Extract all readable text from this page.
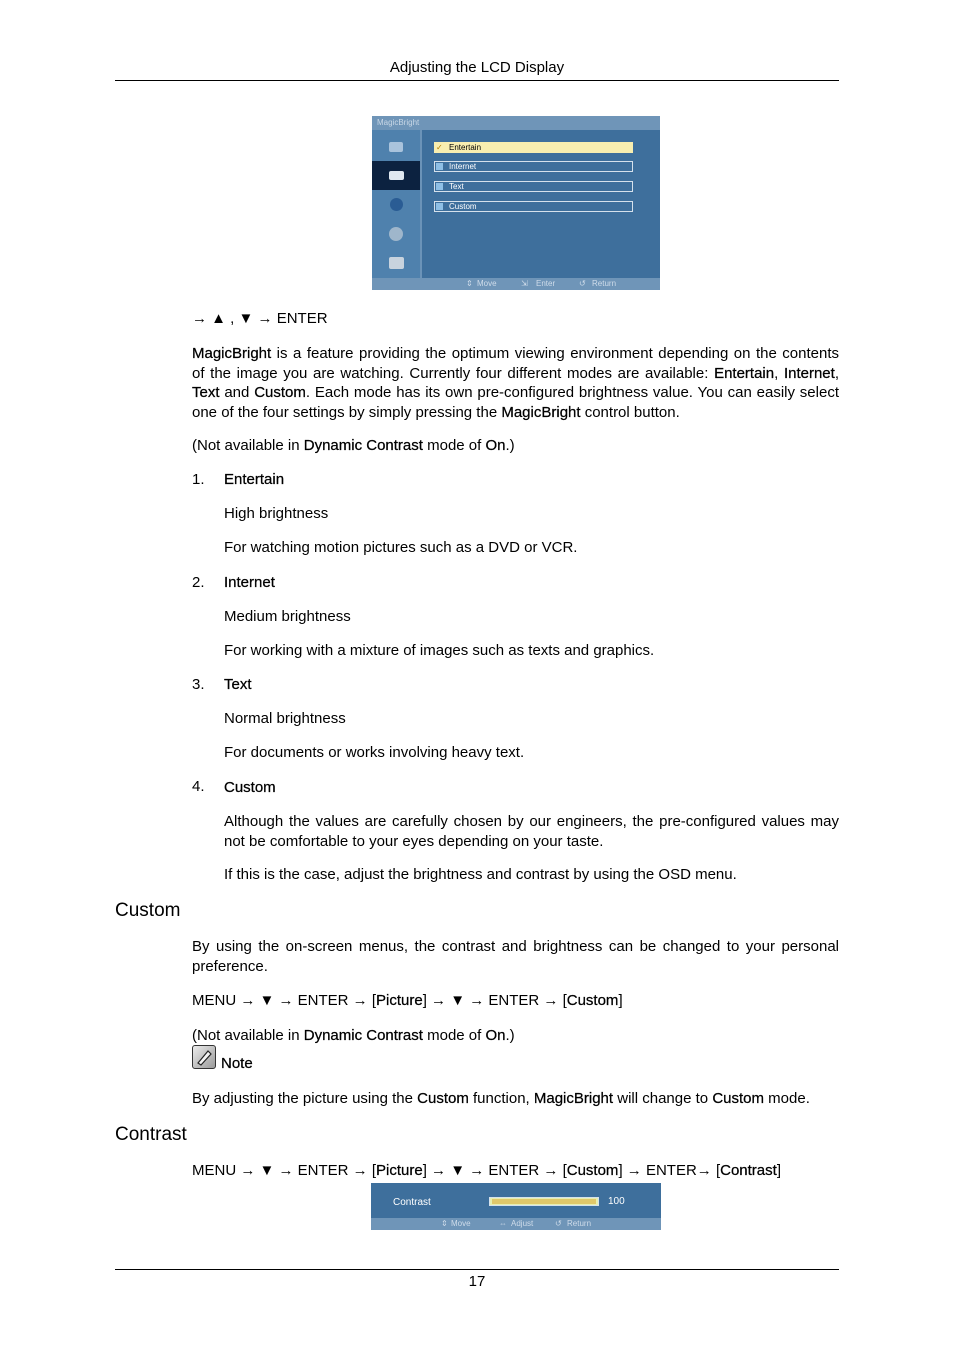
Adjusting the LCD Display
MagicBright
✓ Entertain
Internet
Text
Custom
⇕ Move	⇲ Enter	↺ Return
→ ▲ , ▼ → ENTER
MagicBright is a feature providing the optimum viewing environment depending on the contents of the image you are watching. Currently four different modes are available: Entertain, Internet, Text and Custom. Each mode has its own pre-configured brightness value. You can easily select one of the four settings by simply pressing the MagicBright control button.
(Not available in Dynamic Contrast mode of On.)
1. Entertain
High brightness
For watching motion pictures such as a DVD or VCR.
2. Internet
Medium brightness
For working with a mixture of images such as texts and graphics.
3. Text
Normal brightness
For documents or works involving heavy text.
4. Custom
Although the values are carefully chosen by our engineers, the pre-configured values may not be comfortable to your eyes depending on your taste.
If this is the case, adjust the brightness and contrast by using the OSD menu.
Custom
By using the on-screen menus, the contrast and brightness can be changed to your personal preference.
MENU → ▼ → ENTER → [Picture] → ▼ → ENTER → [Custom]
(Not available in Dynamic Contrast mode of On.)
Note
By adjusting the picture using the Custom function, MagicBright will change to Custom mode.
Contrast
MENU → ▼ → ENTER → [Picture] → ▼ → ENTER → [Custom] → ENTER→ [Contrast]
Contrast	100
⇕ Move	⇔ Adjust	↺ Return
17
